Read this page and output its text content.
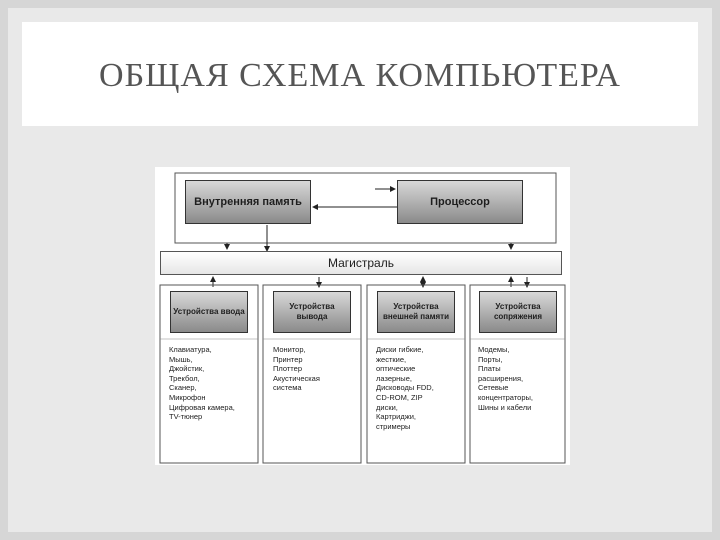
ОБЩАЯ СХЕМА КОМПЬЮТЕРА
Внутренняя память	Процессор
Магистраль
Устройства ввода
Устройства вывода
Устройства внешней памяти
Устройства сопряжения
Клавиатура,
Мышь,
Джойстик,
Трекбол,
Сканер,
Микрофон
Цифровая камера,
TV-тюнер
Монитор,
Принтер
Плоттер
Акустическая
система
Диски гибкие,
жесткие,
оптические
лазерные,
Дисководы FDD,
CD-ROM, ZIP
диски,
Картриджи,
стримеры
Модемы,
Порты,
Платы
расширения,
Сетевые
концентраторы,
Шины и кабели
